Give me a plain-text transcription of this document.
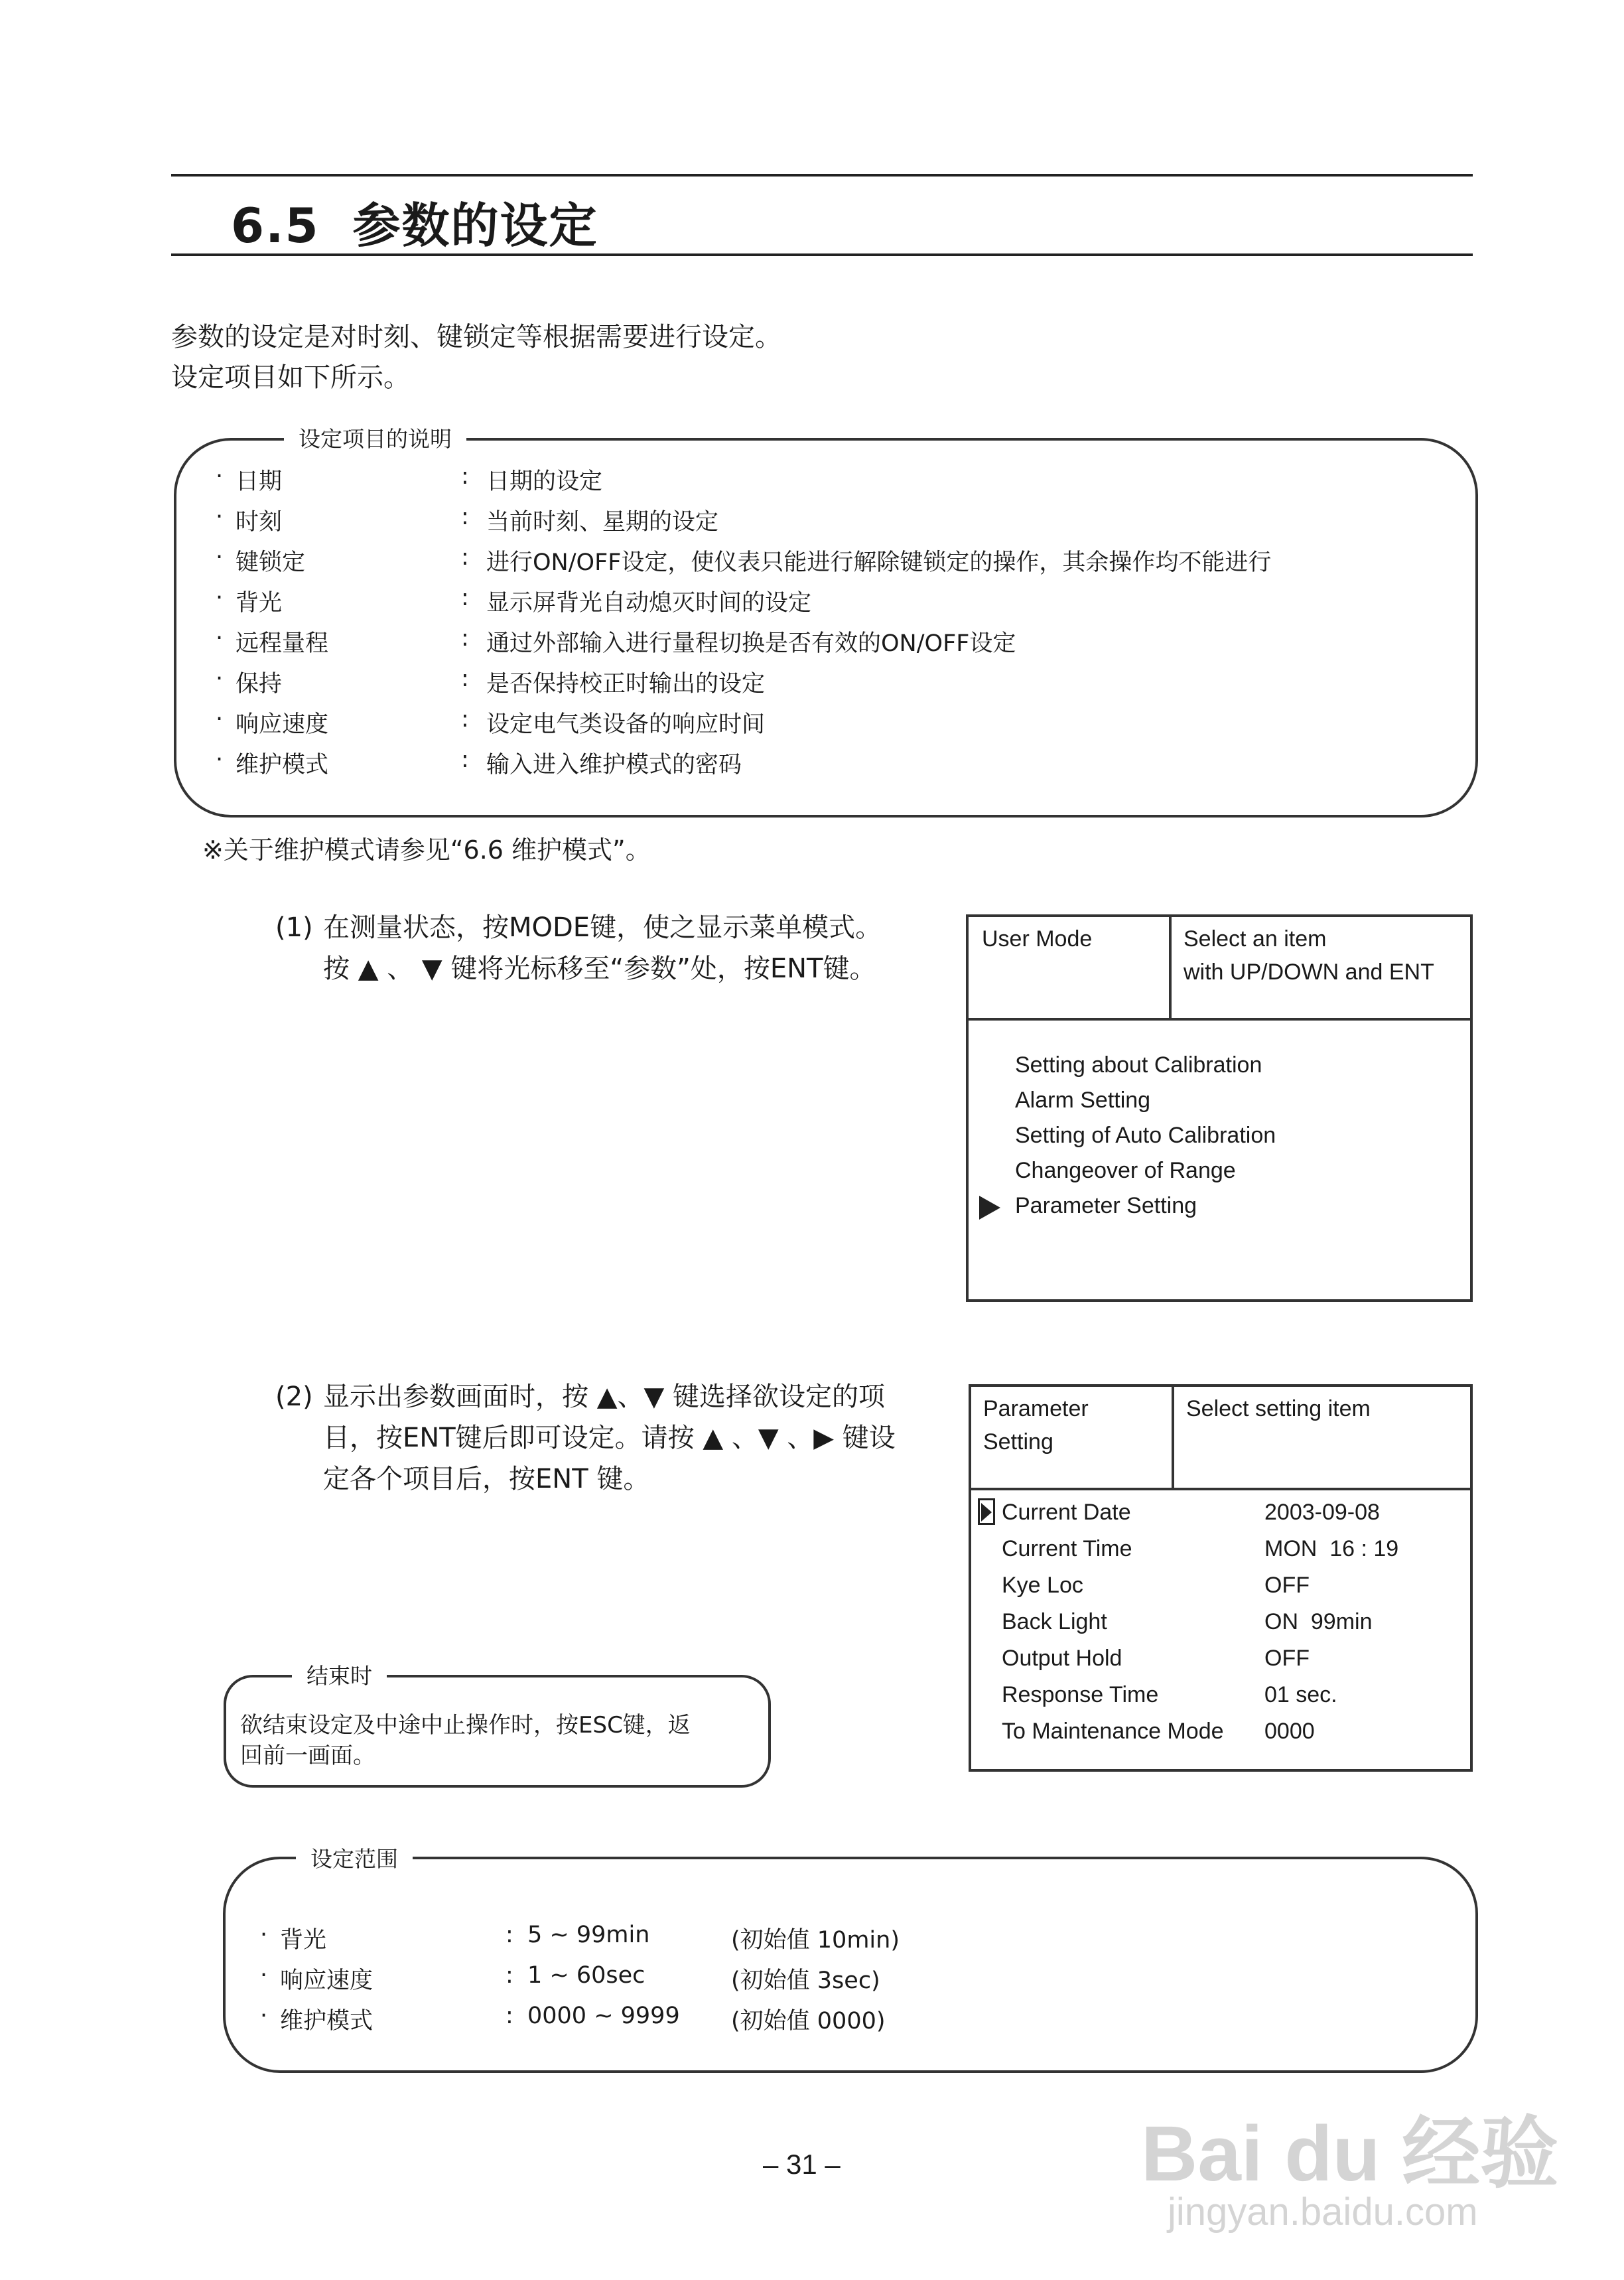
6.5 参数的设定
参数的设定是对时刻、键锁定等根据需要进行设定。
设定项目如下所示。
设定项目的说明
· 日期	: 日期的设定
· 时刻	: 当前时刻、星期的设定
· 键锁定	: 进行ON/OFF设定，使仪表只能进行解除键锁定的操作，其余操作均不能进行
· 背光	: 显示屏背光自动熄灭时间的设定
· 远程量程	: 通过外部输入进行量程切换是否有效的ON/OFF设定
· 保持	: 是否保持校正时输出的设定
· 响应速度	: 设定电气类设备的响应时间
· 维护模式	: 输入进入维护模式的密码
※关于维护模式请参见“6.6 维护模式”。
(1) 在测量状态，按MODE键，使之显示菜单模式。按 ▲ 、 ▼ 键将光标移至“参数”处，按ENT键。
User Mode	Select an item
with UP/DOWN and ENT
Setting about Calibration
Alarm Setting
Setting of Auto Calibration
Changeover of Range
Parameter Setting
(2) 显示出参数画面时，按 ▲、▼ 键选择欲设定的项目，按ENT键后即可设定。请按 ▲ 、▼ 、▶ 键设定各个项目后，按ENT 键。
Parameter
Setting
Select setting item
Current Date	2003-09-08
Current Time	MON  16 : 19
Kye Loc	OFF
Back Light	ON  99min
Output Hold	OFF
Response Time	01 sec.
To Maintenance Mode 0000
结束时
欲结束设定及中途中止操作时，按ESC键，返
回前一画面。
设定范围
· 背光	: 5 ~ 99min	(初始值 10min)
· 响应速度	: 1 ~ 60sec	(初始值 3sec)
· 维护模式	: 0000 ~ 9999 (初始值 0000)
– 31 –	Bai du 经验
jingyan.baidu.com
